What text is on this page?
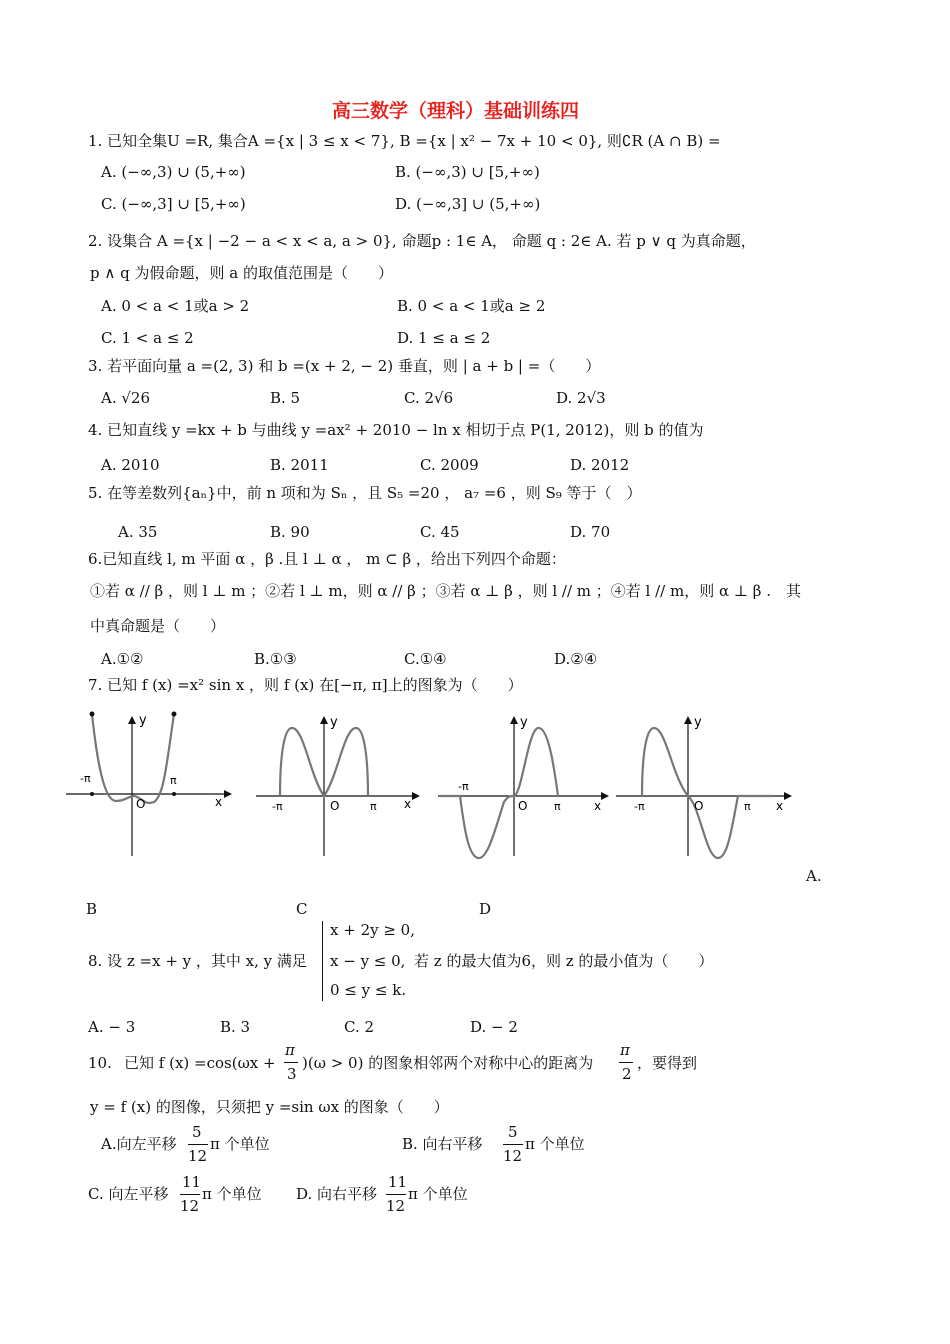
高三数学（理科）基础训练四
1. 已知全集U =R, 集合A ={x | 3 ≤ x < 7}, B ={x | x² − 7x + 10 < 0}, 则∁R (A ∩ B) =
A. (−∞,3) ∪ (5,+∞)	B. (−∞,3) ∪ [5,+∞)
C. (−∞,3] ∪ [5,+∞)	D. (−∞,3] ∪ (5,+∞)
2. 设集合 A ={x | −2 − a < x < a, a > 0}, 命题p : 1∈ A， 命题 q : 2∈ A. 若 p ∨ q 为真命题，
p ∧ q 为假命题，则 a 的取值范围是（　　）
A. 0 < a < 1或a > 2	B. 0 < a < 1或a ≥ 2
C. 1 < a ≤ 2	D. 1 ≤ a ≤ 2
3. 若平面向量 a =(2, 3) 和 b =(x + 2, − 2) 垂直，则 | a + b | =（　　）
A. √26	B. 5	C. 2√6	D. 2√3
4. 已知直线 y =kx + b 与曲线 y =ax² + 2010 − ln x 相切于点 P(1, 2012)，则 b 的值为
A. 2010	B. 2011	C. 2009	D. 2012
5. 在等差数列{aₙ}中，前 n 项和为 Sₙ ，且 S₅ =20 ， a₇ =6 ，则 S₉ 等于（　）
A. 35	B. 90	C. 45	D. 70
6.已知直线 l, m 平面 α ，β .且 l ⊥ α ， m ⊂ β ，给出下列四个命题：
①若 α // β ，则 l ⊥ m ；②若 l ⊥ m，则 α // β ；③若 α ⊥ β ，则 l // m ；④若 l // m，则 α ⊥ β .　其
中真命题是（　　）
A.①②	B.①③	C.①④	D.②④
7. 已知 f (x) =x² sin x ，则 f (x) 在[−π, π]上的图象为（　　）
y
x
O
-π	π
y
x
O
-π	π
y
x
O
-π
π
y
x
O
-π	π
A.
B	C	D
8. 设 z =x + y ，其中 x, y 满足
x + 2y ≥ 0,
x − y ≤ 0,
0 ≤ y ≤ k.
若 z 的最大值为6，则 z 的最小值为（　　）
A. − 3	B. 3	C. 2	D. − 2
10. 已知 f (x) =cos(ωx +
π
3
)(ω > 0) 的图象相邻两个对称中心的距离为
π
2
，要得到
y = f (x) 的图像，只须把 y =sin ωx 的图象（　　）
A.向左平移
5
12
π 个单位	B. 向右平移
5
12
π 个单位
C. 向左平移
11
12
π 个单位 D. 向右平移
11
12
π 个单位
